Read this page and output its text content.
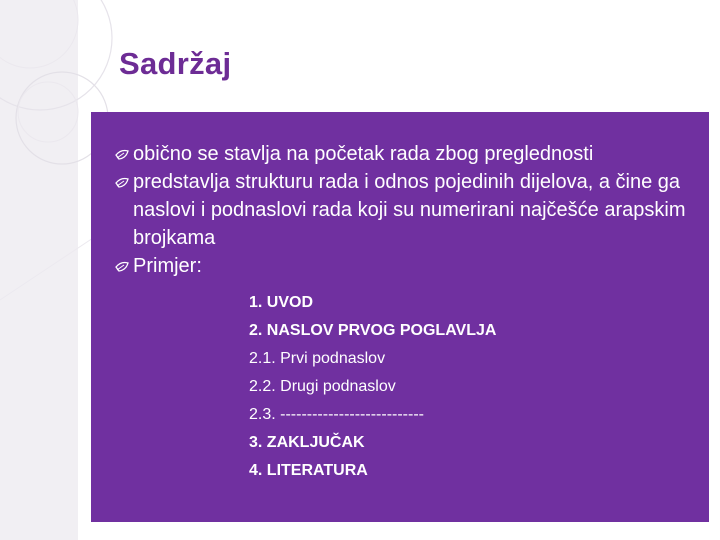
Sadržaj
obično se stavlja na početak rada zbog preglednosti
predstavlja strukturu rada i odnos pojedinih dijelova, a čine ga naslovi i podnaslovi rada koji su numerirani najčešće arapskim brojkama
Primjer:
1. UVOD
2. NASLOV PRVOG POGLAVLJA
2.1. Prvi podnaslov
2.2. Drugi podnaslov
2.3. ---------------------------
3. ZAKLJUČAK
4. LITERATURA
